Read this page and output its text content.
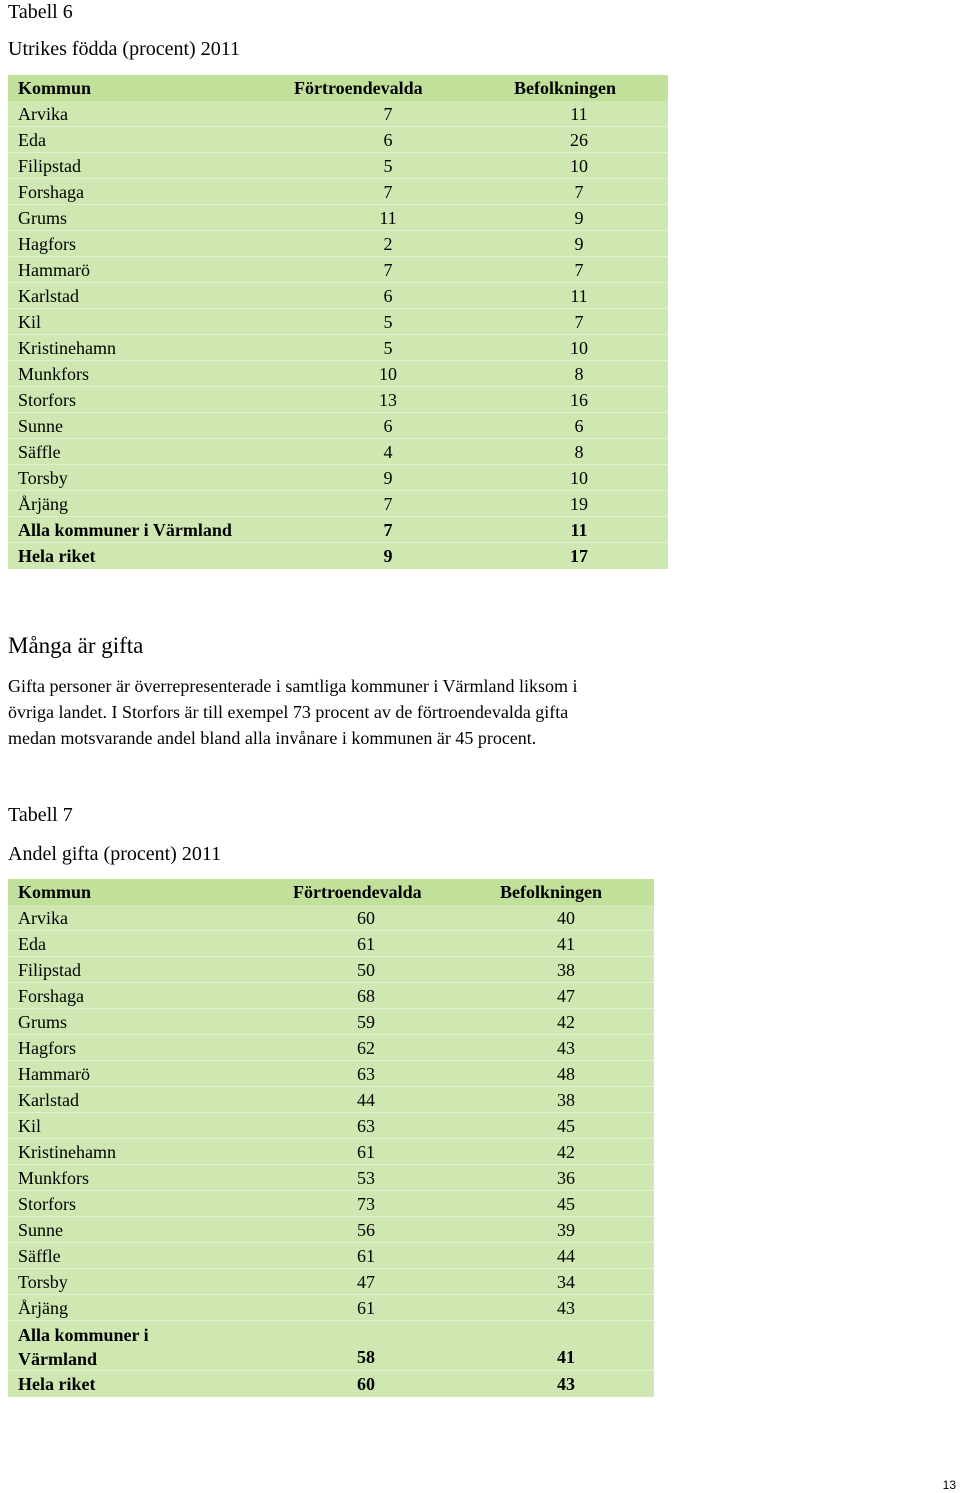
Tabell 6
Utrikes födda (procent) 2011
Kommun	Förtroendevalda	Befolkningen
Arvika	7	11
Eda	6	26
Filipstad	5	10
Forshaga	7	7
Grums	11	9
Hagfors	2	9
Hammarö	7	7
Karlstad	6	11
Kil	5	7
Kristinehamn	5	10
Munkfors	10	8
Storfors	13	16
Sunne	6	6
Säffle	4	8
Torsby	9	10
Årjäng	7	19
Alla kommuner i Värmland	7	11
Hela riket	9	17
Många är gifta
Gifta personer är överrepresenterade i samtliga kommuner i Värmland liksom i
övriga landet. I Storfors är till exempel 73 procent av de förtroendevalda gifta
medan motsvarande andel bland alla invånare i kommunen är 45 procent.
Tabell 7
Andel gifta (procent) 2011
Kommun	Förtroendevalda	Befolkningen
Arvika	60	40
Eda	61	41
Filipstad	50	38
Forshaga	68	47
Grums	59	42
Hagfors	62	43
Hammarö	63	48
Karlstad	44	38
Kil	63	45
Kristinehamn	61	42
Munkfors	53	36
Storfors	73	45
Sunne	56	39
Säffle	61	44
Torsby	47	34
Årjäng	61	43
Alla kommuner i
Värmland	58	41
Hela riket	60	43
13
